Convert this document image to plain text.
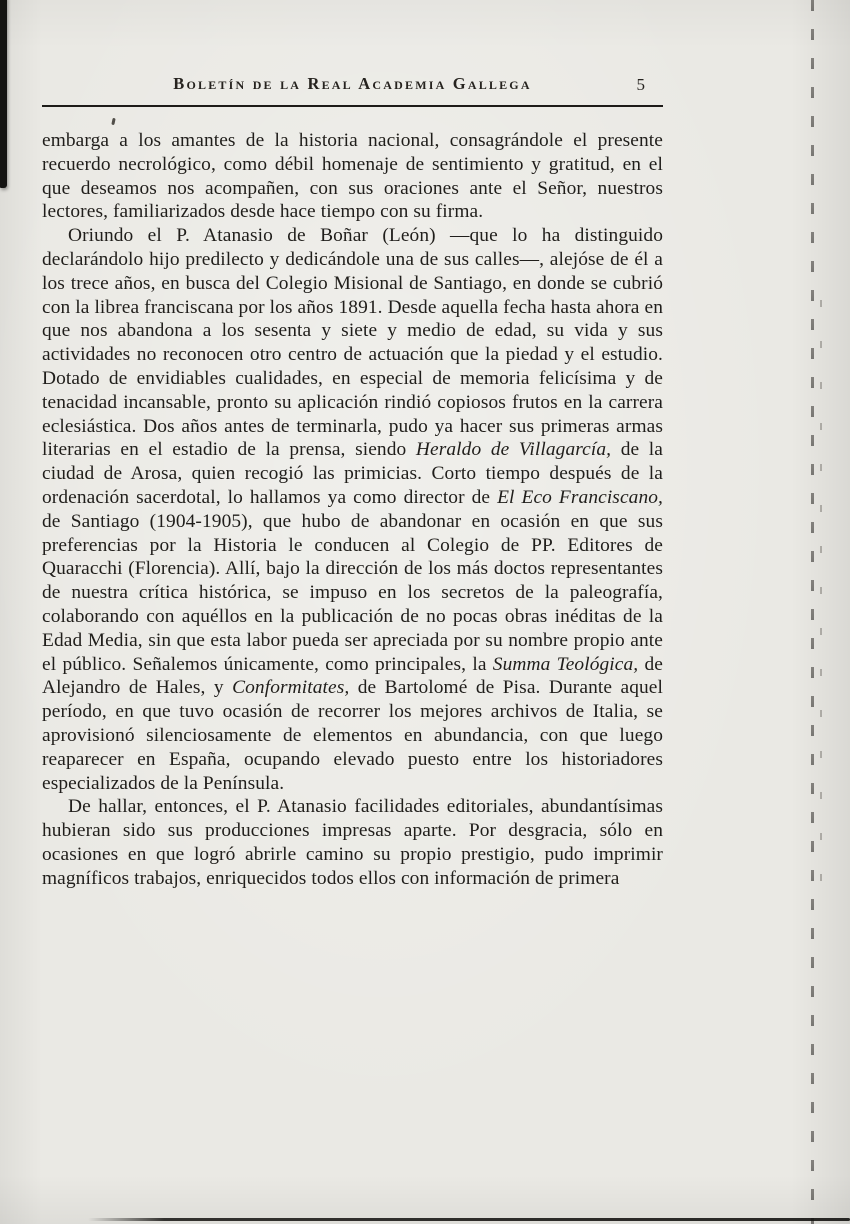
Boletín de la Real Academia Gallega	5

embarga a los amantes de la historia nacional, consagrándole el presente recuerdo necrológico, como débil homenaje de sentimiento y gratitud, en el que deseamos nos acompañen, con sus oraciones ante el Señor, nuestros lectores, familiarizados desde hace tiempo con su firma.

Oriundo el P. Atanasio de Boñar (León) —que lo ha distinguido declarándolo hijo predilecto y dedicándole una de sus calles—, alejóse de él a los trece años, en busca del Colegio Misional de Santiago, en donde se cubrió con la librea franciscana por los años 1891. Desde aquella fecha hasta ahora en que nos abandona a los sesenta y siete y medio de edad, su vida y sus actividades no reconocen otro centro de actuación que la piedad y el estudio. Dotado de envidiables cualidades, en especial de memoria felicísima y de tenacidad incansable, pronto su aplicación rindió copiosos frutos en la carrera eclesiástica. Dos años antes de terminarla, pudo ya hacer sus primeras armas literarias en el estadio de la prensa, siendo Heraldo de Villagarcía, de la ciudad de Arosa, quien recogió las primicias. Corto tiempo después de la ordenación sacerdotal, lo hallamos ya como director de El Eco Franciscano, de Santiago (1904-1905), que hubo de abandonar en ocasión en que sus preferencias por la Historia le conducen al Colegio de PP. Editores de Quaracchi (Florencia). Allí, bajo la dirección de los más doctos representantes de nuestra crítica histórica, se impuso en los secretos de la paleografía, colaborando con aquéllos en la publicación de no pocas obras inéditas de la Edad Media, sin que esta labor pueda ser apreciada por su nombre propio ante el público. Señalemos únicamente, como principales, la Summa Teológica, de Alejandro de Hales, y Conformitates, de Bartolomé de Pisa. Durante aquel período, en que tuvo ocasión de recorrer los mejores archivos de Italia, se aprovisionó silenciosamente de elementos en abundancia, con que luego reaparecer en España, ocupando elevado puesto entre los historiadores especializados de la Península.

De hallar, entonces, el P. Atanasio facilidades editoriales, abundantísimas hubieran sido sus producciones impresas aparte. Por desgracia, sólo en ocasiones en que logró abrirle camino su propio prestigio, pudo imprimir magníficos trabajos, enriquecidos todos ellos con información de primera
